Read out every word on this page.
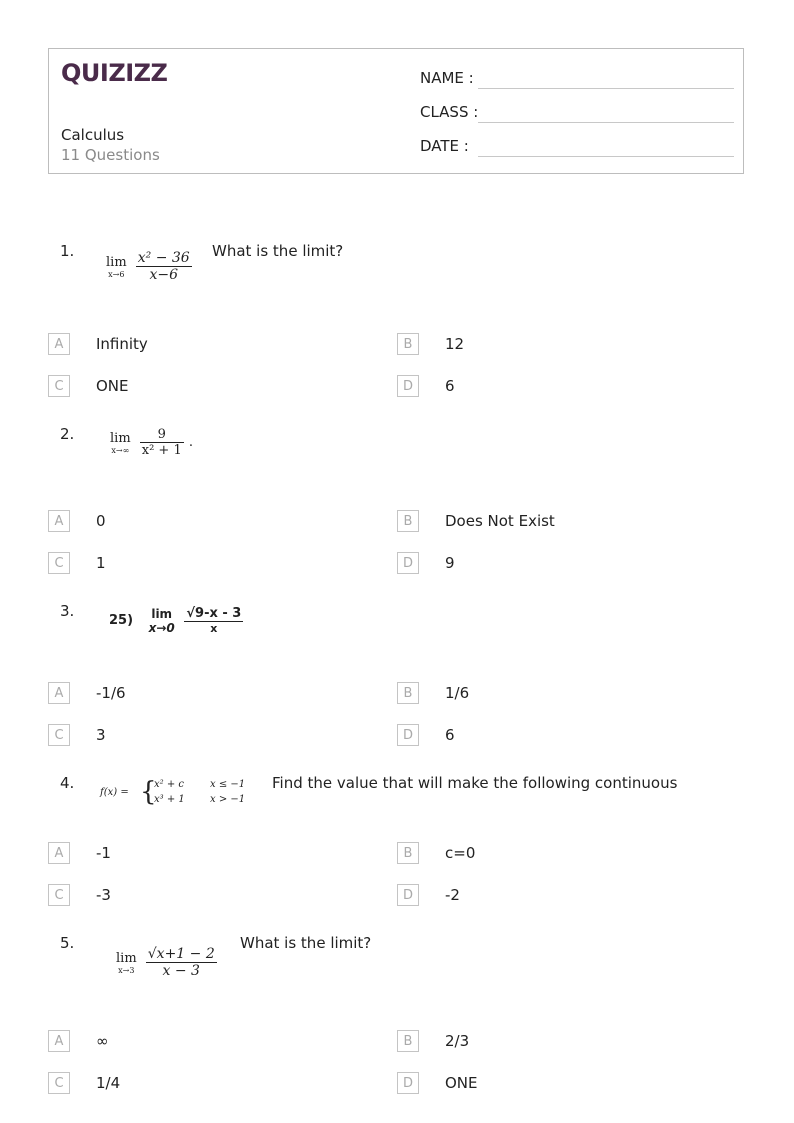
QUIZIZZ
Calculus
11 Questions
NAME :
CLASS :
DATE :
1.
lim
x→6
$\frac{\text{x² − 36}}{x-6}$ What is the limit?
A	Infinity	B	12
C	ONE	D	6
2.	lim
x→∞
$\frac{9}{\text{x² + 1}}$ .
A	0	B	Does Not Exist
C	1	D	9
3.
25) lim
x→0
$\frac{√9-x - 3}{x}$
A	-1/6	B	1/6
C	3	D	6
4.
f(x) = {
x² + c	x ≤ −1
x³ + 1	x > −1
Find the value that will make the following continuous
A	-1	B	c=0
C	-3	D	-2
5.
lim
x→3
$\frac{√x+1 - 2}{x - 3}$
What is the limit?
A	∞	B	2/3
C	1/4	D	ONE
